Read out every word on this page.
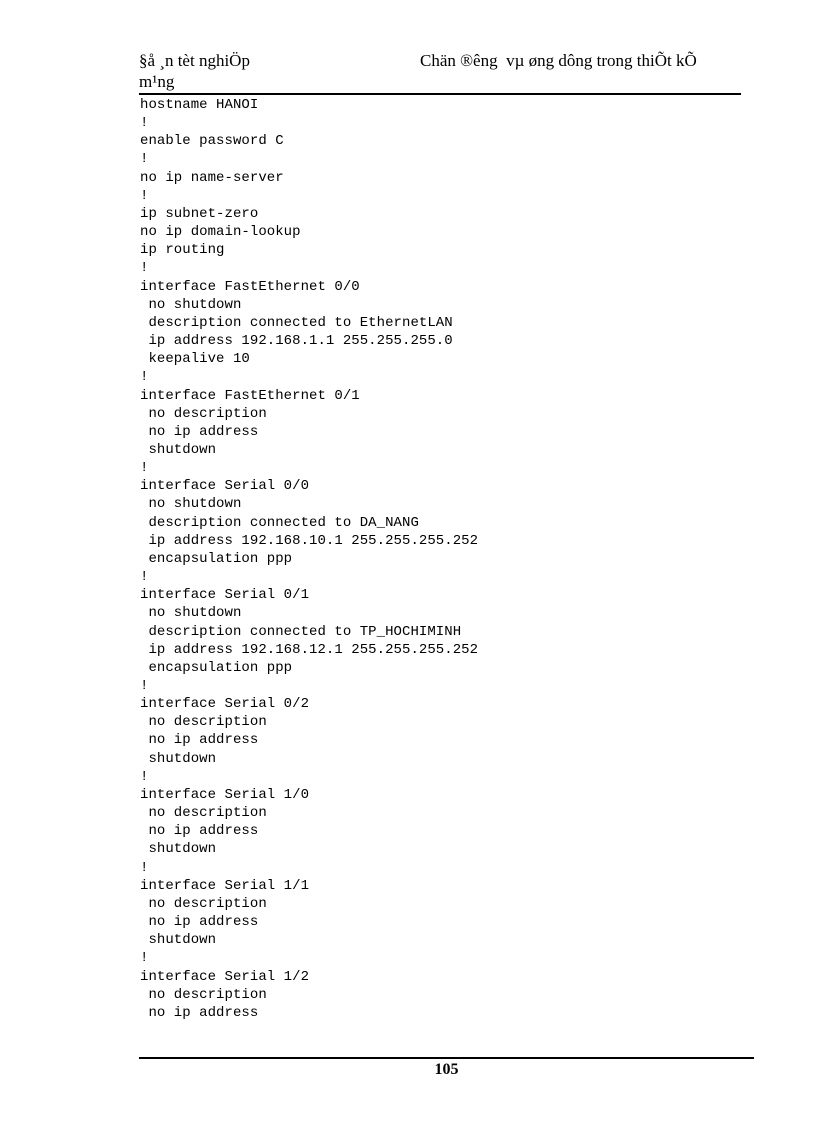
§å ¸n tèt nghiÖp
m¹ng
Chän ®êng  vµ øng dông trong thiÕt kÕ
hostname HANOI
!
enable password C
!
no ip name-server
!
ip subnet-zero
no ip domain-lookup
ip routing
!
interface FastEthernet 0/0
no shutdown
description connected to EthernetLAN
ip address 192.168.1.1 255.255.255.0
keepalive 10
!
interface FastEthernet 0/1
no description
no ip address
shutdown
!
interface Serial 0/0
no shutdown
description connected to DA_NANG
ip address 192.168.10.1 255.255.255.252
encapsulation ppp
!
interface Serial 0/1
no shutdown
description connected to TP_HOCHIMINH
ip address 192.168.12.1 255.255.255.252
encapsulation ppp
!
interface Serial 0/2
no description
no ip address
shutdown
!
interface Serial 1/0
no description
no ip address
shutdown
!
interface Serial 1/1
no description
no ip address
shutdown
!
interface Serial 1/2
no description
no ip address
105
